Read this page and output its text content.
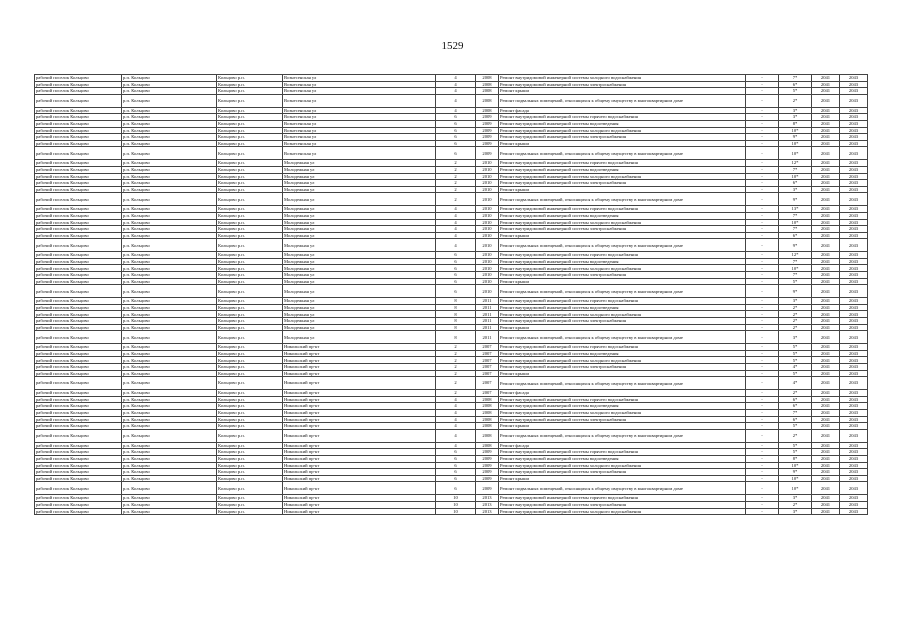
1529
рабочий поселок Кольцово	р.п. Кольцово	Кольцово р.п.	Вознесенская ул	4	2008	Ремонт внутридомовой инженерной системы холодного водоснабжения	-	7*	2041	2043
рабочий поселок Кольцово	р.п. Кольцово	Кольцово р.п.	Вознесенская ул	4	2008	Ремонт внутридомовой инженерной системы электроснабжения	-	6*	2041	2043
рабочий поселок Кольцово	р.п. Кольцово	Кольцово р.п.	Вознесенская ул	4	2008	Ремонт крыши	-	5*	2041	2043
рабочий поселок Кольцово	р.п. Кольцово	Кольцово р.п.	Вознесенская ул	4	2008	Ремонт подвальных помещений, относящихся к общему имуществу в многоквартирном доме	-	2*	2041	2043
рабочий поселок Кольцово	р.п. Кольцово	Кольцово р.п.	Вознесенская ул	4	2008	Ремонт фасада	-	3*	2041	2043
рабочий поселок Кольцово	р.п. Кольцово	Кольцово р.п.	Вознесенская ул	6	2009	Ремонт внутридомовой инженерной системы горячего водоснабжения	-	3*	2041	2043
рабочий поселок Кольцово	р.п. Кольцово	Кольцово р.п.	Вознесенская ул	6	2009	Ремонт внутридомовой инженерной системы водоотведения	-	8*	2041	2043
рабочий поселок Кольцово	р.п. Кольцово	Кольцово р.п.	Вознесенская ул	6	2009	Ремонт внутридомовой инженерной системы холодного водоснабжения	-	10*	2041	2043
рабочий поселок Кольцово	р.п. Кольцово	Кольцово р.п.	Вознесенская ул	6	2009	Ремонт внутридомовой инженерной системы электроснабжения	-	9*	2041	2043
рабочий поселок Кольцово	р.п. Кольцово	Кольцово р.п.	Вознесенская ул	6	2009	Ремонт крыши	-	10*	2041	2043
рабочий поселок Кольцово	р.п. Кольцово	Кольцово р.п.	Вознесенская ул	6	2009	Ремонт подвальных помещений, относящихся к общему имуществу в многоквартирном доме	-	10*	2041	2043
рабочий поселок Кольцово	р.п. Кольцово	Кольцово р.п.	Молодежная ул	2	2010	Ремонт внутридомовой инженерной системы горячего водоснабжения	-	12*	2041	2043
рабочий поселок Кольцово	р.п. Кольцово	Кольцово р.п.	Молодежная ул	2	2010	Ремонт внутридомовой инженерной системы водоотведения	-	7*	2041	2043
рабочий поселок Кольцово	р.п. Кольцово	Кольцово р.п.	Молодежная ул	2	2010	Ремонт внутридомовой инженерной системы холодного водоснабжения	-	10*	2041	2043
рабочий поселок Кольцово	р.п. Кольцово	Кольцово р.п.	Молодежная ул	2	2010	Ремонт внутридомовой инженерной системы электроснабжения	-	6*	2041	2043
рабочий поселок Кольцово	р.п. Кольцово	Кольцово р.п.	Молодежная ул	2	2010	Ремонт крыши	-	3*	2041	2043
рабочий поселок Кольцово	р.п. Кольцово	Кольцово р.п.	Молодежная ул	2	2010	Ремонт подвальных помещений, относящихся к общему имуществу в многоквартирном доме	-	9*	2041	2043
рабочий поселок Кольцово	р.п. Кольцово	Кольцово р.п.	Молодежная ул	4	2010	Ремонт внутридомовой инженерной системы горячего водоснабжения	-	13*	2041	2043
рабочий поселок Кольцово	р.п. Кольцово	Кольцово р.п.	Молодежная ул	4	2010	Ремонт внутридомовой инженерной системы водоотведения	-	7*	2041	2043
рабочий поселок Кольцово	р.п. Кольцово	Кольцово р.п.	Молодежная ул	4	2010	Ремонт внутридомовой инженерной системы холодного водоснабжения	-	10*	2041	2043
рабочий поселок Кольцово	р.п. Кольцово	Кольцово р.п.	Молодежная ул	4	2010	Ремонт внутридомовой инженерной системы электроснабжения	-	7*	2041	2043
рабочий поселок Кольцово	р.п. Кольцово	Кольцово р.п.	Молодежная ул	4	2010	Ремонт крыши	-	6*	2041	2043
рабочий поселок Кольцово	р.п. Кольцово	Кольцово р.п.	Молодежная ул	4	2010	Ремонт подвальных помещений, относящихся к общему имуществу в многоквартирном доме	-	9*	2041	2043
рабочий поселок Кольцово	р.п. Кольцово	Кольцово р.п.	Молодежная ул	6	2010	Ремонт внутридомовой инженерной системы горячего водоснабжения	-	12*	2041	2043
рабочий поселок Кольцово	р.п. Кольцово	Кольцово р.п.	Молодежная ул	6	2010	Ремонт внутридомовой инженерной системы водоотведения	-	7*	2041	2043
рабочий поселок Кольцово	р.п. Кольцово	Кольцово р.п.	Молодежная ул	6	2010	Ремонт внутридомовой инженерной системы холодного водоснабжения	-	10*	2041	2043
рабочий поселок Кольцово	р.п. Кольцово	Кольцово р.п.	Молодежная ул	6	2010	Ремонт внутридомовой инженерной системы электроснабжения	-	7*	2041	2043
рабочий поселок Кольцово	р.п. Кольцово	Кольцово р.п.	Молодежная ул	6	2010	Ремонт крыши	-	5*	2041	2043
рабочий поселок Кольцово	р.п. Кольцово	Кольцово р.п.	Молодежная ул	6	2010	Ремонт подвальных помещений, относящихся к общему имуществу в многоквартирном доме	-	9*	2041	2043
рабочий поселок Кольцово	р.п. Кольцово	Кольцово р.п.	Молодежная ул	8	2011	Ремонт внутридомовой инженерной системы горячего водоснабжения	-	3*	2041	2043
рабочий поселок Кольцово	р.п. Кольцово	Кольцово р.п.	Молодежная ул	8	2011	Ремонт внутридомовой инженерной системы водоотведения	-	2*	2041	2043
рабочий поселок Кольцово	р.п. Кольцово	Кольцово р.п.	Молодежная ул	8	2011	Ремонт внутридомовой инженерной системы холодного водоснабжения	-	2*	2041	2043
рабочий поселок Кольцово	р.п. Кольцово	Кольцово р.п.	Молодежная ул	8	2011	Ремонт внутридомовой инженерной системы электроснабжения	-	2*	2041	2043
рабочий поселок Кольцово	р.п. Кольцово	Кольцово р.п.	Молодежная ул	8	2011	Ремонт крыши	-	2*	2041	2043
рабочий поселок Кольцово	р.п. Кольцово	Кольцово р.п.	Молодежная ул	8	2011	Ремонт подвальных помещений, относящихся к общему имуществу в многоквартирном доме	-	3*	2041	2043
рабочий поселок Кольцово	р.п. Кольцово	Кольцово р.п.	Никольский пр-кт	2	2007	Ремонт внутридомовой инженерной системы горячего водоснабжения	-	5*	2041	2043
рабочий поселок Кольцово	р.п. Кольцово	Кольцово р.п.	Никольский пр-кт	2	2007	Ремонт внутридомовой инженерной системы водоотведения	-	5*	2041	2043
рабочий поселок Кольцово	р.п. Кольцово	Кольцово р.п.	Никольский пр-кт	2	2007	Ремонт внутридомовой инженерной системы холодного водоснабжения	-	5*	2041	2043
рабочий поселок Кольцово	р.п. Кольцово	Кольцово р.п.	Никольский пр-кт	2	2007	Ремонт внутридомовой инженерной системы электроснабжения	-	4*	2041	2043
рабочий поселок Кольцово	р.п. Кольцово	Кольцово р.п.	Никольский пр-кт	2	2007	Ремонт крыши	-	5*	2041	2043
рабочий поселок Кольцово	р.п. Кольцово	Кольцово р.п.	Никольский пр-кт	2	2007	Ремонт подвальных помещений, относящихся к общему имуществу в многоквартирном доме	-	4*	2041	2043
рабочий поселок Кольцово	р.п. Кольцово	Кольцово р.п.	Никольский пр-кт	2	2007	Ремонт фасада	-	2*	2041	2043
рабочий поселок Кольцово	р.п. Кольцово	Кольцово р.п.	Никольский пр-кт	4	2008	Ремонт внутридомовой инженерной системы горячего водоснабжения	-	6*	2041	2043
рабочий поселок Кольцово	р.п. Кольцово	Кольцово р.п.	Никольский пр-кт	4	2008	Ремонт внутридомовой инженерной системы водоотведения	-	6*	2041	2043
рабочий поселок Кольцово	р.п. Кольцово	Кольцово р.п.	Никольский пр-кт	4	2008	Ремонт внутридомовой инженерной системы холодного водоснабжения	-	7*	2041	2043
рабочий поселок Кольцово	р.п. Кольцово	Кольцово р.п.	Никольский пр-кт	4	2008	Ремонт внутридомовой инженерной системы электроснабжения	-	6*	2041	2043
рабочий поселок Кольцово	р.п. Кольцово	Кольцово р.п.	Никольский пр-кт	4	2008	Ремонт крыши	-	5*	2041	2043
рабочий поселок Кольцово	р.п. Кольцово	Кольцово р.п.	Никольский пр-кт	4	2008	Ремонт подвальных помещений, относящихся к общему имуществу в многоквартирном доме	-	2*	2041	2043
рабочий поселок Кольцово	р.п. Кольцово	Кольцово р.п.	Никольский пр-кт	4	2008	Ремонт фасада	-	5*	2041	2043
рабочий поселок Кольцово	р.п. Кольцово	Кольцово р.п.	Никольский пр-кт	6	2009	Ремонт внутридомовой инженерной системы горячего водоснабжения	-	5*	2041	2043
рабочий поселок Кольцово	р.п. Кольцово	Кольцово р.п.	Никольский пр-кт	6	2009	Ремонт внутридомовой инженерной системы водоотведения	-	8*	2041	2043
рабочий поселок Кольцово	р.п. Кольцово	Кольцово р.п.	Никольский пр-кт	6	2009	Ремонт внутридомовой инженерной системы холодного водоснабжения	-	10*	2041	2043
рабочий поселок Кольцово	р.п. Кольцово	Кольцово р.п.	Никольский пр-кт	6	2009	Ремонт внутридомовой инженерной системы электроснабжения	-	9*	2041	2043
рабочий поселок Кольцово	р.п. Кольцово	Кольцово р.п.	Никольский пр-кт	6	2009	Ремонт крыши	-	10*	2041	2043
рабочий поселок Кольцово	р.п. Кольцово	Кольцово р.п.	Никольский пр-кт	6	2009	Ремонт подвальных помещений, относящихся к общему имуществу в многоквартирном доме	-	10*	2041	2043
рабочий поселок Кольцово	р.п. Кольцово	Кольцово р.п.	Никольский пр-кт	10	2013	Ремонт внутридомовой инженерной системы горячего водоснабжения	-	3*	2041	2043
рабочий поселок Кольцово	р.п. Кольцово	Кольцово р.п.	Никольский пр-кт	10	2013	Ремонт внутридомовой инженерной системы электроснабжения	-	2*	2041	2043
рабочий поселок Кольцово	р.п. Кольцово	Кольцово р.п.	Никольский пр-кт	10	2013	Ремонт внутридомовой инженерной системы холодного водоснабжения	-	3*	2041	2043
